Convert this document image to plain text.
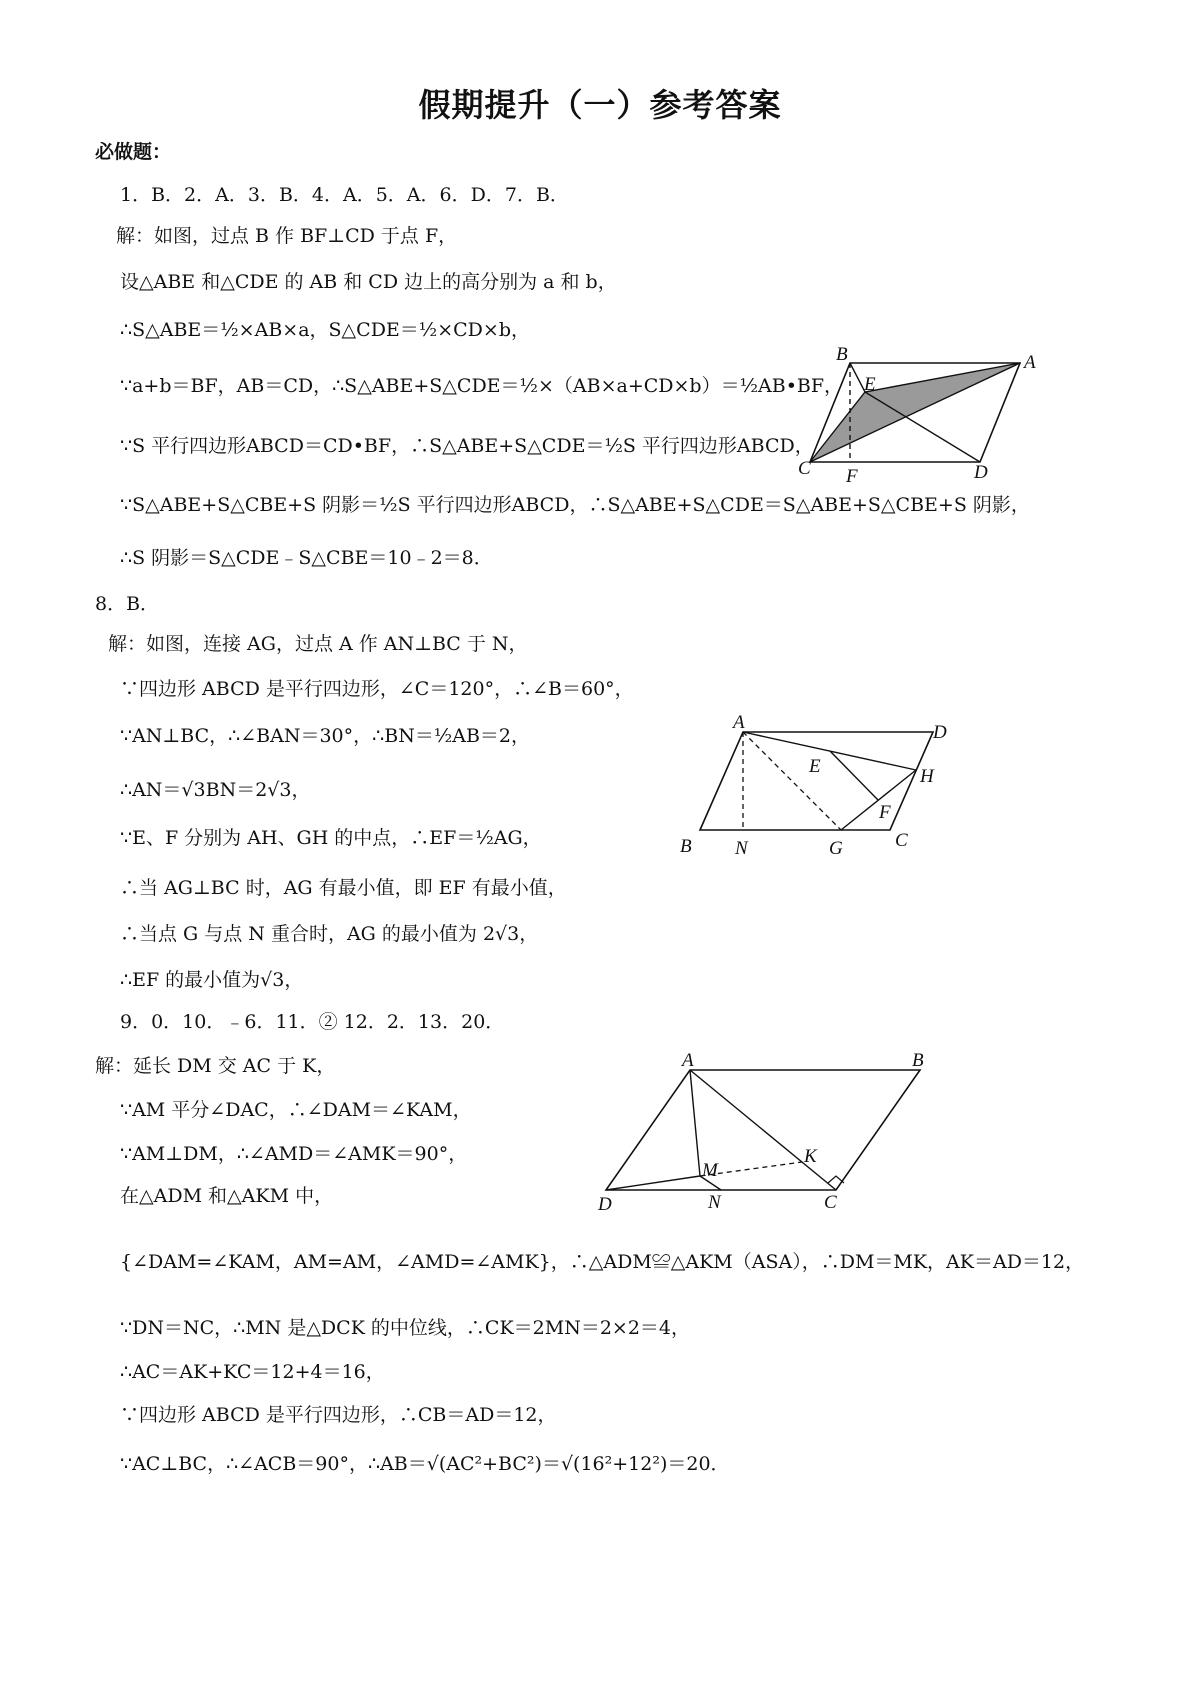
假期提升（一）参考答案
必做题：
1．B．2．A．3．B．4．A．5．A．6．D．7．B．
解：如图，过点 B 作 BF⊥CD 于点 F，
设△ABE 和△CDE 的 AB 和 CD 边上的高分别为 a 和 b，
∴S△ABE＝½×AB×a，S△CDE＝½×CD×b，
∵a+b＝BF，AB＝CD，∴S△ABE+S△CDE＝½×（AB×a+CD×b）＝½AB•BF，
∵S 平行四边形ABCD＝CD•BF，∴S△ABE+S△CDE＝½S 平行四边形ABCD，
∵S△ABE+S△CBE+S 阴影＝½S 平行四边形ABCD，∴S△ABE+S△CDE＝S△ABE+S△CBE+S 阴影，
∴S 阴影＝S△CDE﹣S△CBE＝10﹣2＝8．
8．B．
解：如图，连接 AG，过点 A 作 AN⊥BC 于 N，
∵四边形 ABCD 是平行四边形，∠C＝120°，∴∠B＝60°，
∵AN⊥BC，∴∠BAN＝30°，∴BN＝½AB＝2，
∴AN＝√3BN＝2√3，
∵E、F 分别为 AH、GH 的中点，∴EF＝½AG，
∴当 AG⊥BC 时，AG 有最小值，即 EF 有最小值，
∴当点 G 与点 N 重合时，AG 的最小值为 2√3，
∴EF 的最小值为√3，
9．0．10．﹣6．11．② 12．2．13．20．
解：延长 DM 交 AC 于 K，
∵AM 平分∠DAC，∴∠DAM＝∠KAM，
∵AM⊥DM，∴∠AMD＝∠AMK＝90°，
在△ADM 和△AKM 中，
{∠DAM=∠KAM，AM=AM，∠AMD=∠AMK}，∴△ADM≌△AKM（ASA），∴DM＝MK，AK＝AD＝12，
∵DN＝NC，∴MN 是△DCK 的中位线，∴CK＝2MN＝2×2＝4，
∴AC＝AK+KC＝12+4＝16，
∵四边形 ABCD 是平行四边形，∴CB＝AD＝12，
∵AC⊥BC，∴∠ACB＝90°，∴AB＝√(AC²+BC²)＝√(16²+12²)＝20．
B	A
E
C F	D
A	D
E	H
F
B N	G	C
A	B
K
M
D	N	C
